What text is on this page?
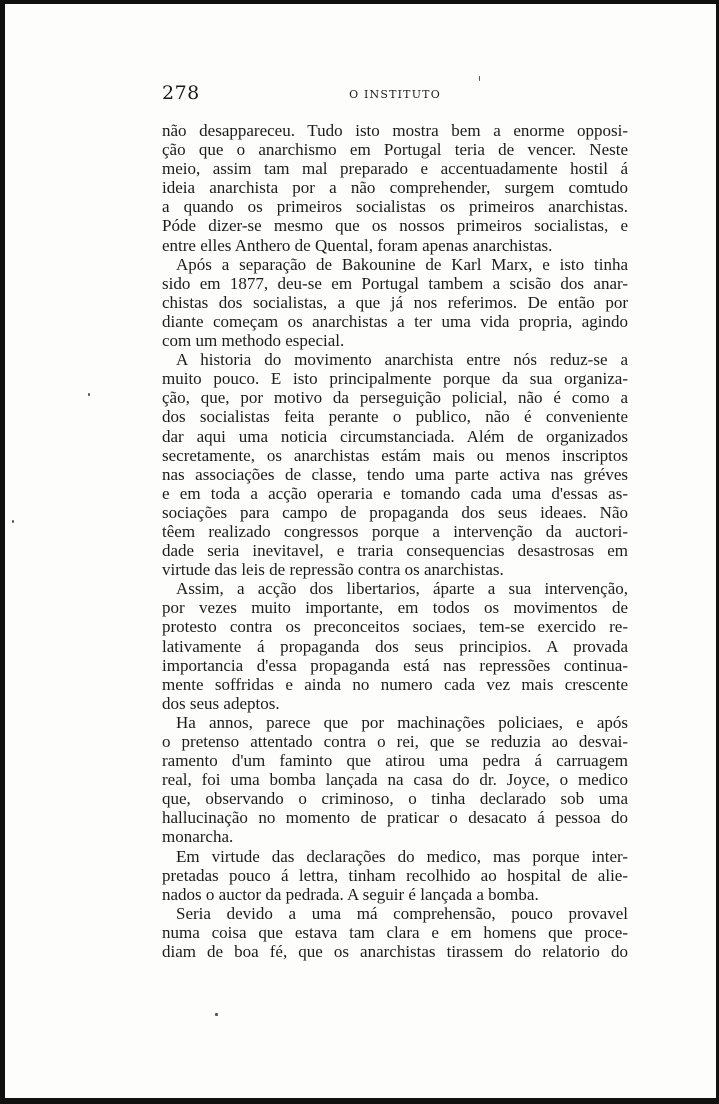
278	O INSTITUTO
não desappareceu. Tudo isto mostra bem a enorme opposi-
ção que o anarchismo em Portugal teria de vencer. Neste
meio, assim tam mal preparado e accentuadamente hostil á
ideia anarchista por a não comprehender, surgem comtudo
a quando os primeiros socialistas os primeiros anarchistas.
Póde dizer-se mesmo que os nossos primeiros socialistas, e
entre elles Anthero de Quental, foram apenas anarchistas.
Após a separação de Bakounine de Karl Marx, e isto tinha
sido em 1877, deu-se em Portugal tambem a scisão dos anar-
chistas dos socialistas, a que já nos referimos. De então por
diante começam os anarchistas a ter uma vida propria, agindo
com um methodo especial.
A historia do movimento anarchista entre nós reduz-se a
muito pouco. E isto principalmente porque da sua organiza-
ção, que, por motivo da perseguição policial, não é como a
dos socialistas feita perante o publico, não é conveniente
dar aqui uma noticia circumstanciada. Além de organizados
secretamente, os anarchistas estám mais ou menos inscriptos
nas associações de classe, tendo uma parte activa nas gréves
e em toda a acção operaria e tomando cada uma d'essas as-
sociações para campo de propaganda dos seus ideaes. Não
têem realizado congressos porque a intervenção da auctori-
dade seria inevitavel, e traria consequencias desastrosas em
virtude das leis de repressão contra os anarchistas.
Assim, a acção dos libertarios, áparte a sua intervenção,
por vezes muito importante, em todos os movimentos de
protesto contra os preconceitos sociaes, tem-se exercido re-
lativamente á propaganda dos seus principios. A provada
importancia d'essa propaganda está nas repressões continua-
mente soffridas e ainda no numero cada vez mais crescente
dos seus adeptos.
Ha annos, parece que por machinações policiaes, e após
o pretenso attentado contra o rei, que se reduzia ao desvai-
ramento d'um faminto que atirou uma pedra á carruagem
real, foi uma bomba lançada na casa do dr. Joyce, o medico
que, observando o criminoso, o tinha declarado sob uma
hallucinação no momento de praticar o desacato á pessoa do
monarcha.
Em virtude das declarações do medico, mas porque inter-
pretadas pouco á lettra, tinham recolhido ao hospital de alie-
nados o auctor da pedrada. A seguir é lançada a bomba.
Seria devido a uma má comprehensão, pouco provavel
numa coisa que estava tam clara e em homens que proce-
diam de boa fé, que os anarchistas tirassem do relatorio do
